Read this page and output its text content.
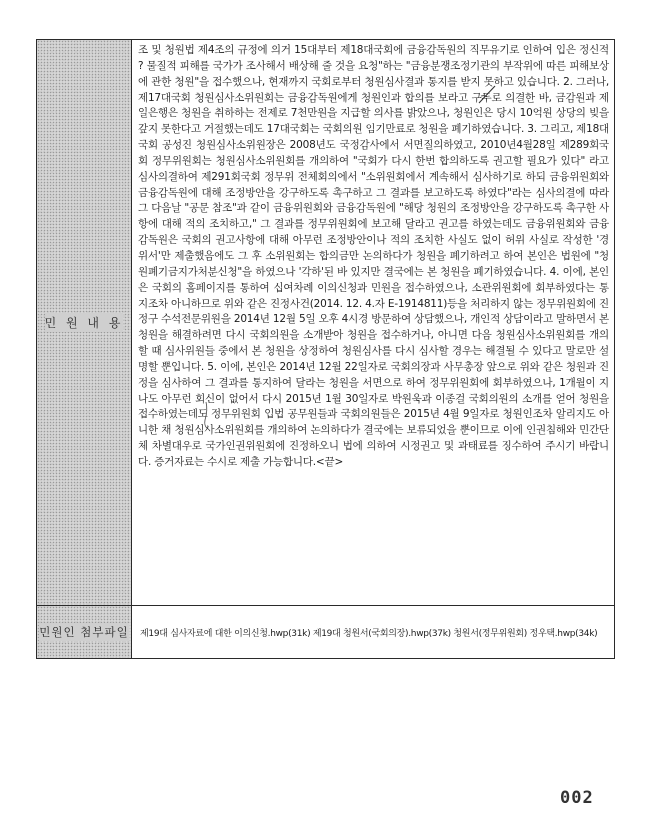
민 원 내 용
조 및 청원법 제4조의 규정에 의거 15대부터 제18대국회에 금융감독원의 직무유기로 인하여 입은 정신적 ? 물질적 피해를 국가가 조사해서 배상해 줄 것을 요청"하는 "금융분쟁조정기관의 부작위에 따른 피해보상에 관한 청원"을 접수했으나, 현재까지 국회로부터 청원심사결과 통지를 받지 못하고 있습니다. 2. 그러나, 제17대국회 청원심사소위원회는 금융감독원에게 청원인과 합의를 보라고 구두로 의결한 바, 금감원과 제일은행은 청원을 취하하는 전제로 7천만원을 지급할 의사를 밝았으나, 청원인은 당시 10억원 상당의 빚을 갚지 못한다고 거절했는데도 17대국회는 국회의원 임기만료로 청원을 폐기하였습니다. 3. 그리고, 제18대국회 공성진 청원심사소위원장은 2008년도 국정감사에서 서면질의하였고, 2010년4월28일 제289회국회 정무위원회는 청원심사소위원회를 개의하여 "국회가 다시 한번 합의하도록 권고할 필요가 있다" 라고 심사의결하여 제291회국회 정무위 전체회의에서 "소위원회에서 계속해서 심사하기로 하되 금융위원회와 금융감독원에 대해 조정방안을 강구하도록 촉구하고 그 결과를 보고하도록 하였다"라는 심사의결에 따라 그 다음날 "공문 참조"과 같이 금융위원회와 금융감독원에 "해당 청원의 조정방안을 강구하도록 촉구한 사항에 대해 적의 조치하고," 그 결과를 정무위원회에 보고해 달라고 권고를 하였는데도 금융위원회와 금융감독원은 국회의 권고사항에 대해 아무런 조정방안이나 적의 조치한 사실도 없이 허위 사실로 작성한 '경위서'만 제출했음에도 그 후 소위원회는 합의금만 논의하다가 청원을 폐기하려고 하여 본인은 법원에 "청원폐기금지가처분신청"을 하였으나 '각하'된 바 있지만 결국에는 본 청원을 폐기하였습니다. 4. 이에, 본인은 국회의 홈페이지를 통하여 십여차례 이의신청과 민원을 접수하였으나, 소관위원회에 회부하였다는 통지조차 아니하므로 위와 같은 진정사건(2014. 12. 4.자 E-1914811)등을 처리하지 않는 정무위원회에 진정구 수석전문위원을 2014년 12월 5일 오후 4시경 방문하여 상담했으나, 개인적 상담이라고 말하면서 본 청원을 해결하려면 다시 국회의원을 소개받아 청원을 접수하거나, 아니면 다음 청원심사소위원회를 개의할 때 심사위원들 중에서 본 청원을 상정하여 청원심사를 다시 심사할 경우는 해결될 수 있다고 말로만 설명할 뿐입니다. 5. 이에, 본인은 2014년 12월 22일자로 국회의장과 사무총장 앞으로 위와 같은 청원과 진정을 심사하여 그 결과를 통지하여 달라는 청원을 서면으로 하여 정무위원회에 회부하였으나, 1개월이 지나도 아무런 회신이 없어서 다시 2015년 1월 30일자로 박원욱과 이종걸 국회의원의 소개를 얻어 청원을 접수하였는데도 정무위원회 입법 공무원들과 국회의원들은 2015년 4월 9일자로 청원인조차 알리지도 아니한 채 청원심사소위원회를 개의하여 논의하다가 결국에는 보류되었을 뿐이므로 이에 인권침해와 민간단체 차별대우로 국가인권위원회에 진정하오니 법에 의하여 시정권고 및 과태료를 징수하여 주시기 바랍니다. 증거자료는 수시로 제출 가능합니다.<끝>
민원인 첨부파일	제19대 심사자료에 대한 이의신청.hwp(31k) 제19대 청원서(국회의장).hwp(37k) 청원서(정무위원회) 정우택.hwp(34k)
002
